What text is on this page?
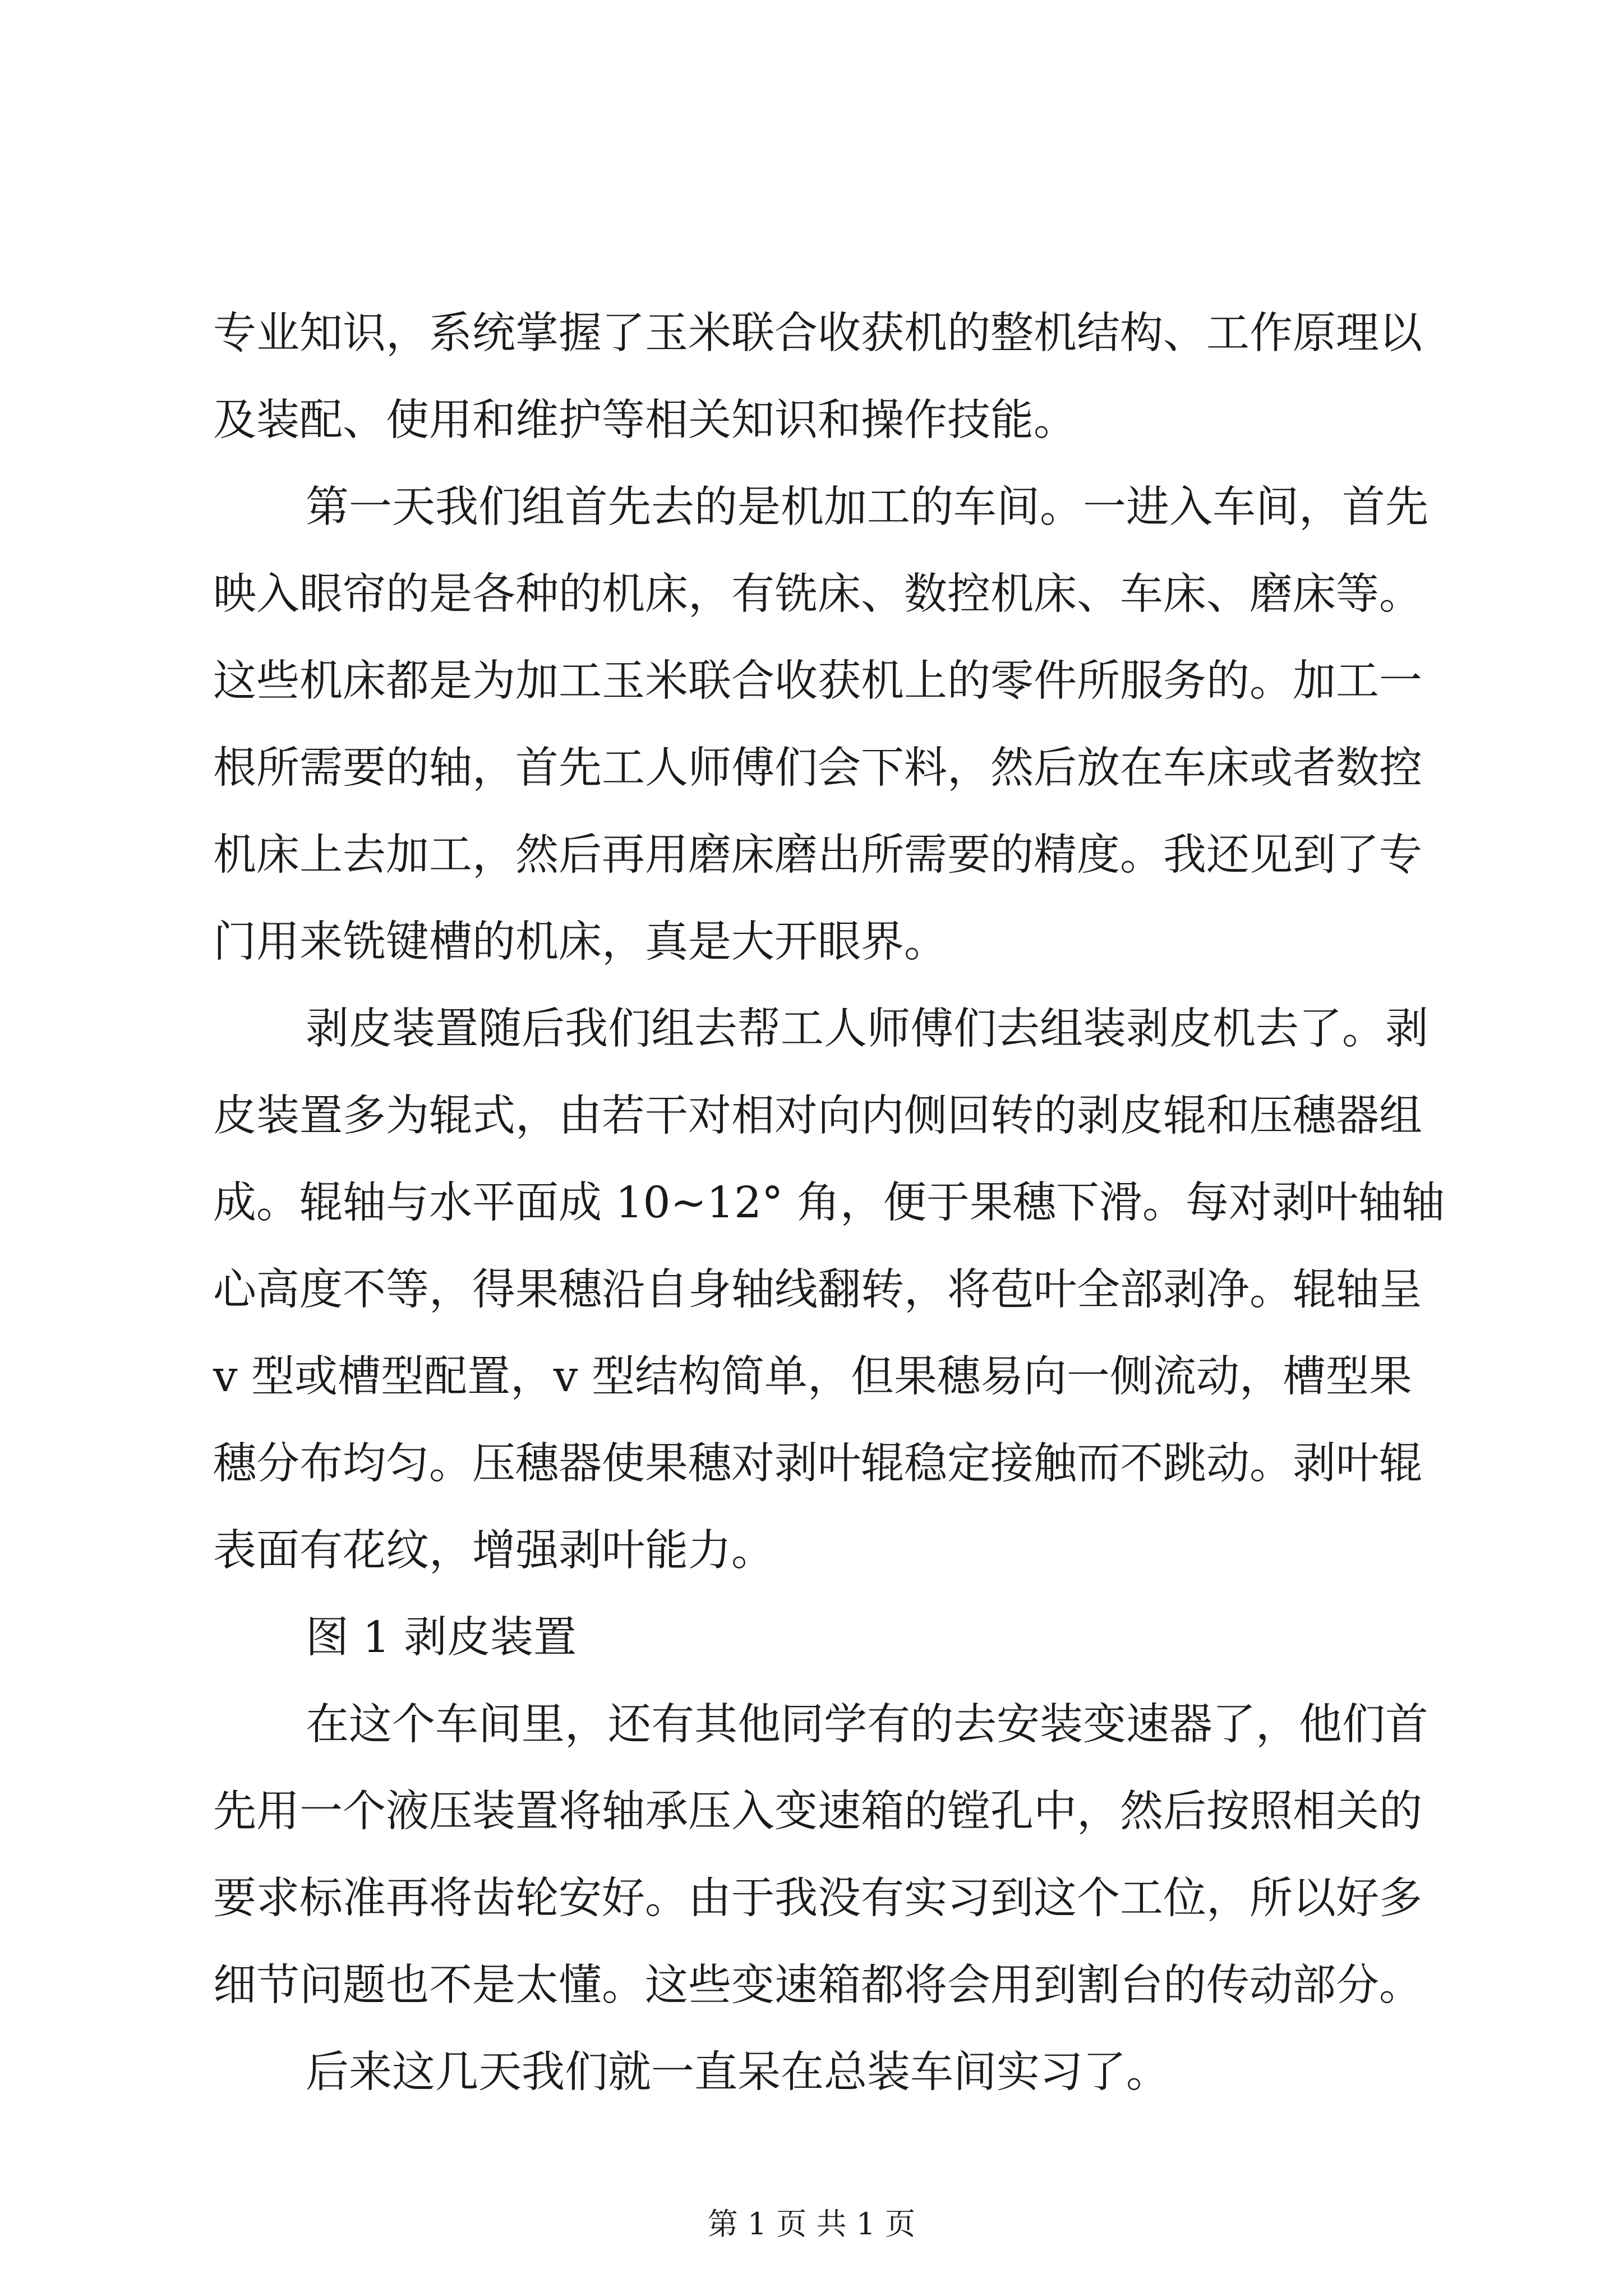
专业知识，系统掌握了玉米联合收获机的整机结构、工作原理以
及装配、使用和维护等相关知识和操作技能。
第一天我们组首先去的是机加工的车间。一进入车间，首先
映入眼帘的是各种的机床，有铣床、数控机床、车床、磨床等。
这些机床都是为加工玉米联合收获机上的零件所服务的。加工一
根所需要的轴，首先工人师傅们会下料，然后放在车床或者数控
机床上去加工，然后再用磨床磨出所需要的精度。我还见到了专
门用来铣键槽的机床，真是大开眼界。
剥皮装置随后我们组去帮工人师傅们去组装剥皮机去了。剥
皮装置多为辊式，由若干对相对向内侧回转的剥皮辊和压穗器组
成。辊轴与水平面成 10~12° 角，便于果穗下滑。每对剥叶轴轴
心高度不等，得果穗沿自身轴线翻转，将苞叶全部剥净。辊轴呈
v 型或槽型配置，v 型结构简单，但果穗易向一侧流动，槽型果
穗分布均匀。压穗器使果穗对剥叶辊稳定接触而不跳动。剥叶辊
表面有花纹，增强剥叶能力。
图 1 剥皮装置
在这个车间里，还有其他同学有的去安装变速器了，他们首
先用一个液压装置将轴承压入变速箱的镗孔中，然后按照相关的
要求标准再将齿轮安好。由于我没有实习到这个工位，所以好多
细节问题也不是太懂。这些变速箱都将会用到割台的传动部分。
后来这几天我们就一直呆在总装车间实习了。
第 1 页 共 1 页
